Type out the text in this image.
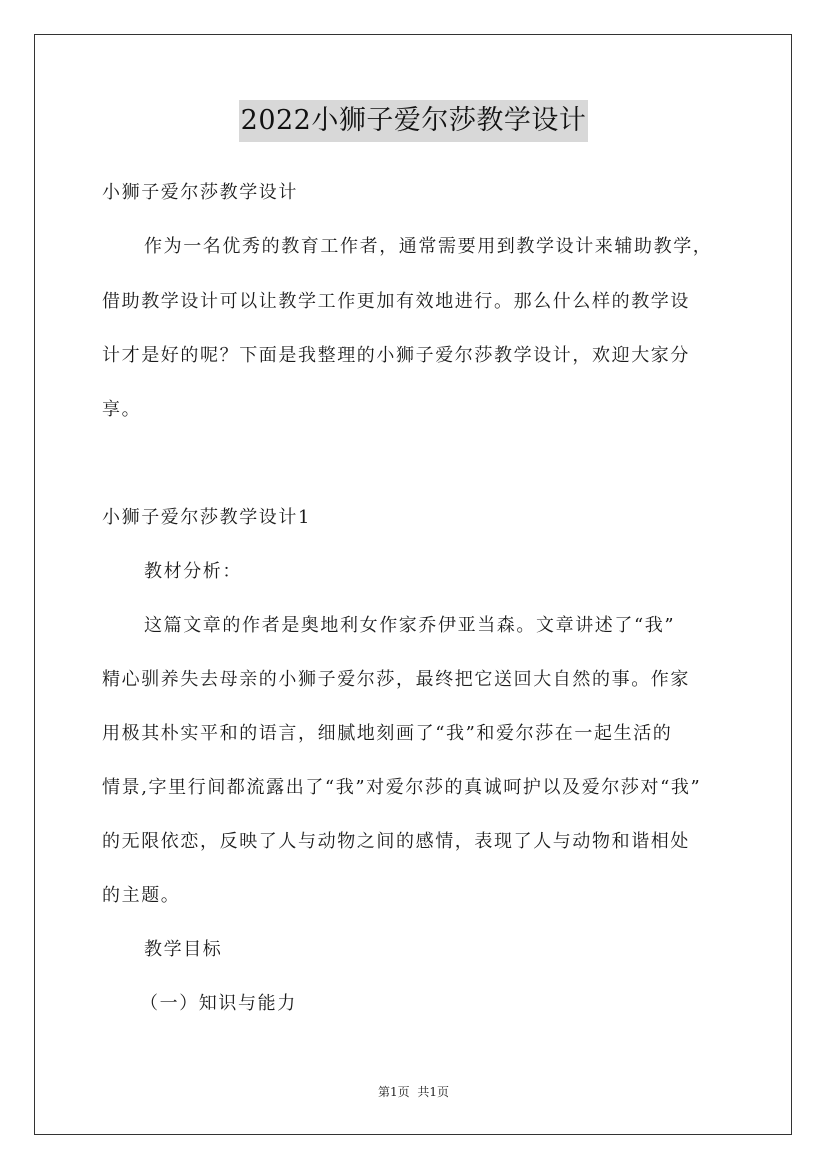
2022小狮子爱尔莎教学设计
小狮子爱尔莎教学设计
作为一名优秀的教育工作者，通常需要用到教学设计来辅助教学，
借助教学设计可以让教学工作更加有效地进行。那么什么样的教学设
计才是好的呢？下面是我整理的小狮子爱尔莎教学设计，欢迎大家分
享。
小狮子爱尔莎教学设计1
教材分析：
这篇文章的作者是奥地利女作家乔伊亚当森。文章讲述了“我”
精心驯养失去母亲的小狮子爱尔莎，最终把它送回大自然的事。作家
用极其朴实平和的语言，细腻地刻画了“我”和爱尔莎在一起生活的
情景,字里行间都流露出了“我”对爱尔莎的真诚呵护以及爱尔莎对“我”
的无限依恋，反映了人与动物之间的感情，表现了人与动物和谐相处
的主题。
教学目标
（一）知识与能力
第1页 共1页
